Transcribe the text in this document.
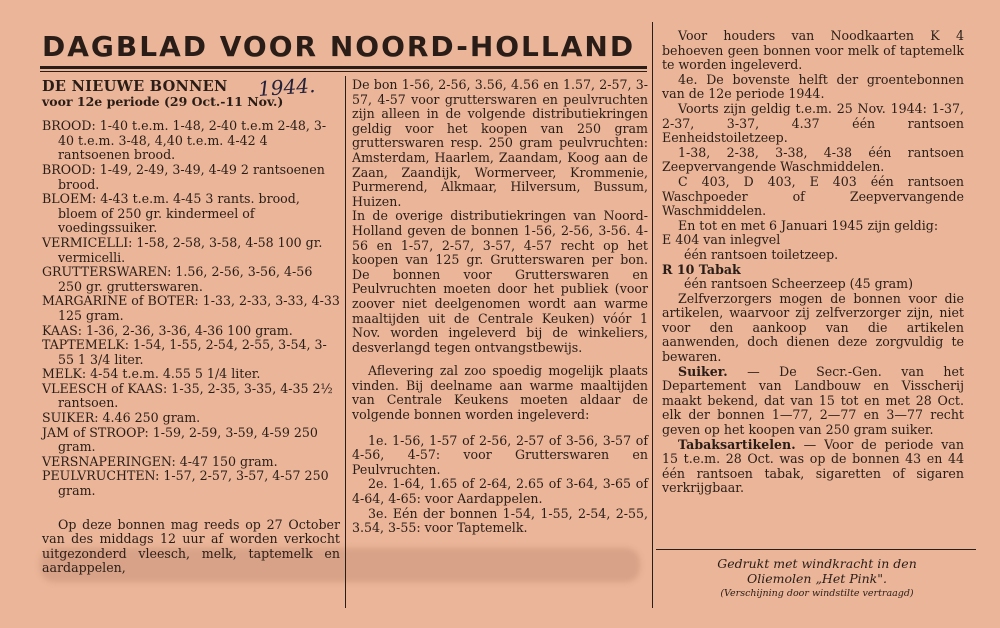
DAGBLAD VOOR NOORD-HOLLAND
1944.

DE NIEUWE BONNEN

voor 12e periode (29 Oct.-11 Nov.)

BROOD: 1-40 t.e.m. 1-48, 2-40 t.e.m 2-48, 3-40 t.e.m. 3-48, 4,40 t.e.m. 4-42 4 rantsoenen brood.

BROOD: 1-49, 2-49, 3-49, 4-49 2 rantsoenen brood.

BLOEM: 4-43 t.e.m. 4-45 3 rants. brood, bloem of 250 gr. kindermeel of voedingssuiker.

VERMICELLI: 1-58, 2-58, 3-58, 4-58 100 gr. vermicelli.

GRUTTERSWAREN: 1.56, 2-56, 3-56, 4-56 250 gr. grutterswaren.

MARGARINE of BOTER: 1-33, 2-33, 3-33, 4-33 125 gram.

KAAS: 1-36, 2-36, 3-36, 4-36 100 gram.

TAPTEMELK: 1-54, 1-55, 2-54, 2-55, 3-54, 3-55 1 3/4 liter.

MELK: 4-54 t.e.m. 4.55 5 1/4 liter.

VLEESCH of KAAS: 1-35, 2-35, 3-35, 4-35 2½ rantsoen.

SUIKER: 4.46 250 gram.

JAM of STROOP: 1-59, 2-59, 3-59, 4-59 250 gram.

VERSNAPERINGEN: 4-47 150 gram.

PEULVRUCHTEN: 1-57, 2-57, 3-57, 4-57 250 gram.

Op deze bonnen mag reeds op 27 October van des middags 12 uur af worden verkocht uitgezonderd vleesch, melk, taptemelk en aardappelen,

De bon 1-56, 2-56, 3.56, 4.56 en 1.57, 2-57, 3-57, 4-57 voor grutterswaren en peulvruchten zijn alleen in de volgende distributiekringen geldig voor het koopen van 250 gram grutterswaren resp. 250 gram peulvruchten: Amsterdam, Haarlem, Zaandam, Koog aan de Zaan, Zaandijk, Wormerveer, Krommenie, Purmerend, Alkmaar, Hilversum, Bussum, Huizen.

In de overige distributiekringen van Noord-Holland geven de bonnen 1-56, 2-56, 3-56. 4-56 en 1-57, 2-57, 3-57, 4-57 recht op het koopen van 125 gr. Grutterswaren per bon. De bonnen voor Grutterswaren en Peulvruchten moeten door het publiek (voor zoover niet deelgenomen wordt aan warme maaltijden uit de Centrale Keuken) vóór 1 Nov. worden ingeleverd bij de winkeliers, desverlangd tegen ontvangstbewijs.

Aflevering zal zoo spoedig mogelijk plaats vinden. Bij deelname aan warme maaltijden van Centrale Keukens moeten aldaar de volgende bonnen worden ingeleverd:

1e. 1-56, 1-57 of 2-56, 2-57 of 3-56, 3-57 of 4-56, 4-57: voor Grutterswaren en Peulvruchten.

2e. 1-64, 1.65 of 2-64, 2.65 of 3-64, 3-65 of 4-64, 4-65: voor Aardappelen.

3e. Eén der bonnen 1-54, 1-55, 2-54, 2-55, 3.54, 3-55: voor Taptemelk.

Voor houders van Noodkaarten K 4 behoeven geen bonnen voor melk of taptemelk te worden ingeleverd.

4e. De bovenste helft der groentebonnen van de 12e periode 1944.

Voorts zijn geldig t.e.m. 25 Nov. 1944: 1-37, 2-37, 3-37, 4.37 één rantsoen Eenheidstoiletzeep.

1-38, 2-38, 3-38, 4-38 één rantsoen Zeepvervangende Waschmiddelen.

C 403, D 403, E 403 één rantsoen Waschpoeder of Zeepvervangende Waschmiddelen.

En tot en met 6 Januari 1945 zijn geldig:

E 404 van inlegvel

één rantsoen toiletzeep.

R 10 Tabak

één rantsoen Scheerzeep (45 gram)

Zelfverzorgers mogen de bonnen voor die artikelen, waarvoor zij zelfverzorger zijn, niet voor den aankoop van die artikelen aanwenden, doch dienen deze zorgvuldig te bewaren.

Suiker. — De Secr.-Gen. van het Departement van Landbouw en Visscherij maakt bekend, dat van 15 tot en met 28 Oct. elk der bonnen 1—77, 2—77 en 3—77 recht geven op het koopen van 250 gram suiker.

Tabaksartikelen. — Voor de periode van 15 t.e.m. 28 Oct. was op de bonnen 43 en 44 één rantsoen tabak, sigaretten of sigaren verkrijgbaar.

Gedrukt met windkracht in den
Oliemolen „Het Pink".
(Verschijning door windstilte vertraagd)
